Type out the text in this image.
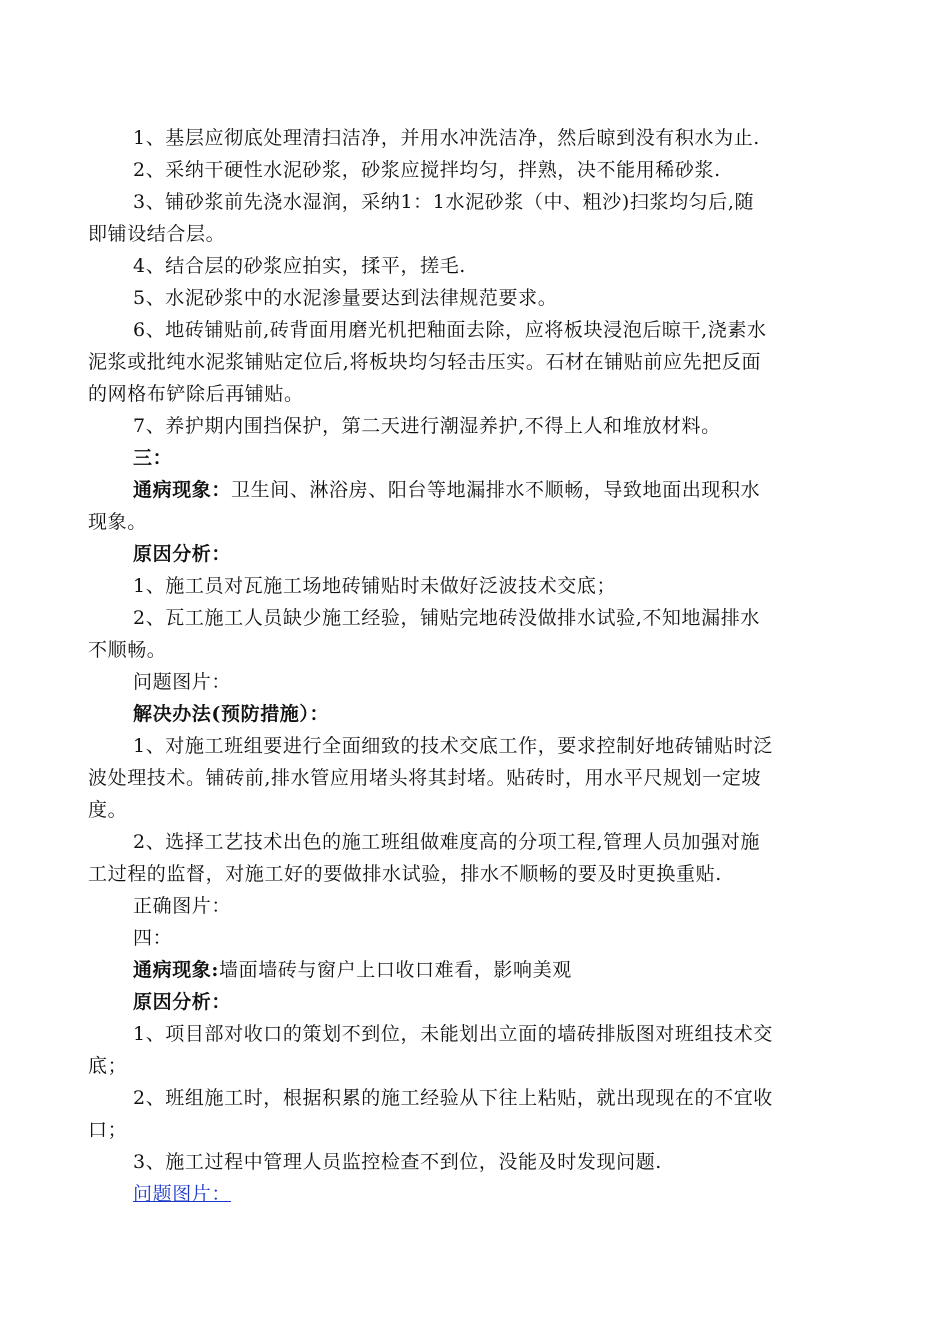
1、基层应彻底处理清扫洁净，并用水冲洗洁净，然后晾到没有积水为止.
2、采纳干硬性水泥砂浆，砂浆应搅拌均匀，拌熟，决不能用稀砂浆.
3、铺砂浆前先浇水湿润，采纳1：1水泥砂浆（中、粗沙)扫浆均匀后,随
即铺设结合层。
4、结合层的砂浆应拍实，揉平，搓毛.
5、水泥砂浆中的水泥渗量要达到法律规范要求。
6、地砖铺贴前,砖背面用磨光机把釉面去除，应将板块浸泡后晾干,浇素水
泥浆或批纯水泥浆铺贴定位后,将板块均匀轻击压实。石材在铺贴前应先把反面
的网格布铲除后再铺贴。
7、养护期内围挡保护，第二天进行潮湿养护,不得上人和堆放材料。
三：
通病现象：卫生间、淋浴房、阳台等地漏排水不顺畅，导致地面出现积水
现象。
原因分析：
1、施工员对瓦施工场地砖铺贴时未做好泛波技术交底；
2、瓦工施工人员缺少施工经验，铺贴完地砖没做排水试验,不知地漏排水
不顺畅。
问题图片：
解决办法(预防措施）：
1、对施工班组要进行全面细致的技术交底工作，要求控制好地砖铺贴时泛
波处理技术。铺砖前,排水管应用堵头将其封堵。贴砖时，用水平尺规划一定坡
度。
2、选择工艺技术出色的施工班组做难度高的分项工程,管理人员加强对施
工过程的监督，对施工好的要做排水试验，排水不顺畅的要及时更换重贴.
正确图片：
四：
通病现象:墙面墙砖与窗户上口收口难看，影响美观
原因分析：
1、项目部对收口的策划不到位，未能划出立面的墙砖排版图对班组技术交
底；
2、班组施工时，根据积累的施工经验从下往上粘贴，就出现现在的不宜收
口；
3、施工过程中管理人员监控检查不到位，没能及时发现问题.
问题图片：
